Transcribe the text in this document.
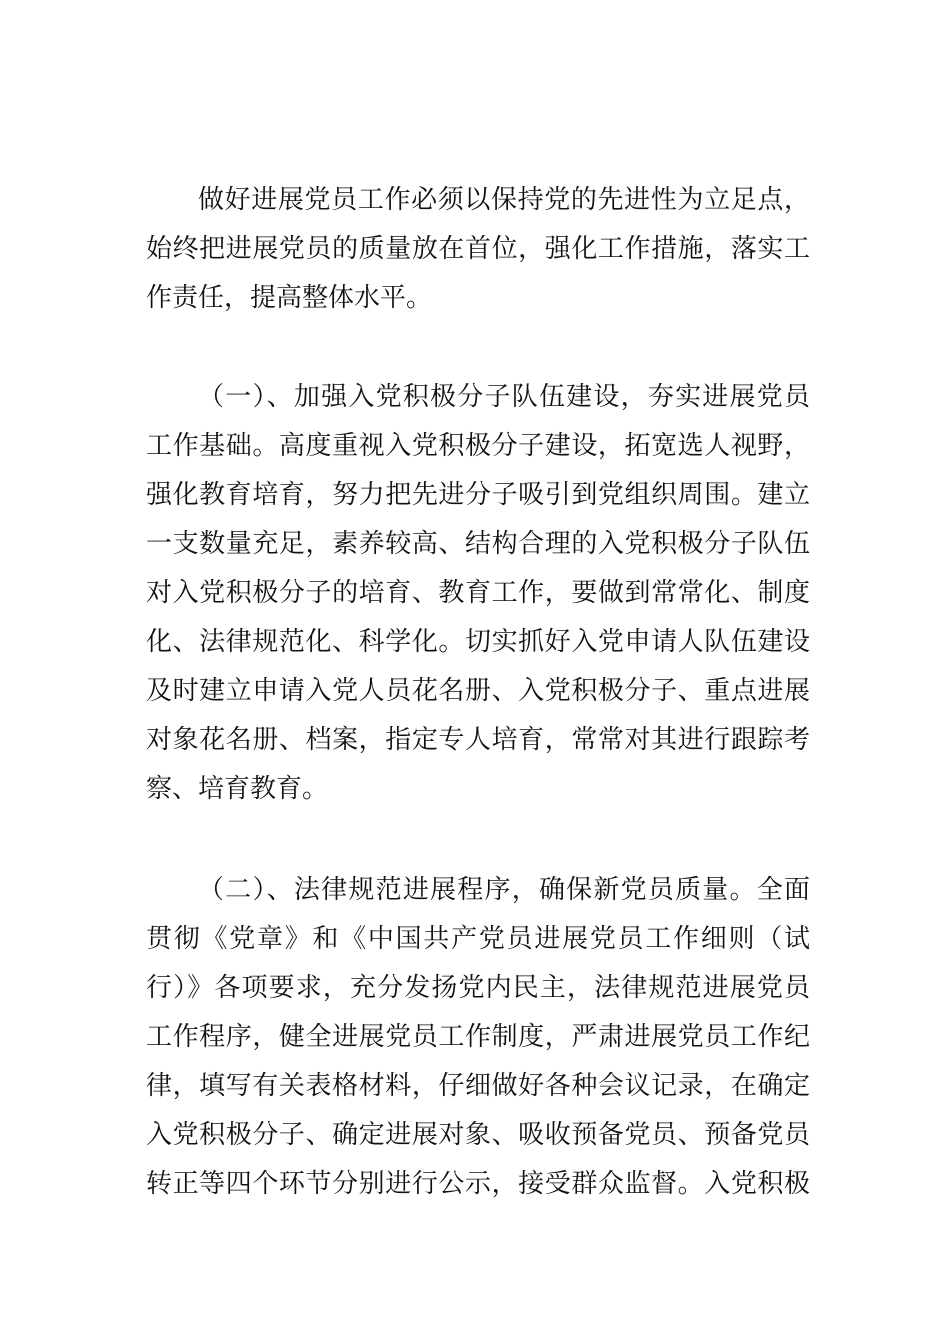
做好进展党员工作必须以保持党的先进性为立足点，
始终把进展党员的质量放在首位，强化工作措施，落实工
作责任，提高整体水平。
（一）、加强入党积极分子队伍建设，夯实进展党员
工作基础。高度重视入党积极分子建设，拓宽选人视野，
强化教育培育，努力把先进分子吸引到党组织周围。建立
一支数量充足，素养较高、结构合理的入党积极分子队伍
对入党积极分子的培育、教育工作，要做到常常化、制度
化、法律规范化、科学化。切实抓好入党申请人队伍建设
及时建立申请入党人员花名册、入党积极分子、重点进展
对象花名册、档案，指定专人培育，常常对其进行跟踪考
察、培育教育。
（二）、法律规范进展程序，确保新党员质量。全面
贯彻《党章》和《中国共产党员进展党员工作细则（试
行）》各项要求，充分发扬党内民主，法律规范进展党员
工作程序，健全进展党员工作制度，严肃进展党员工作纪
律，填写有关表格材料，仔细做好各种会议记录，在确定
入党积极分子、确定进展对象、吸收预备党员、预备党员
转正等四个环节分别进行公示，接受群众监督。入党积极
